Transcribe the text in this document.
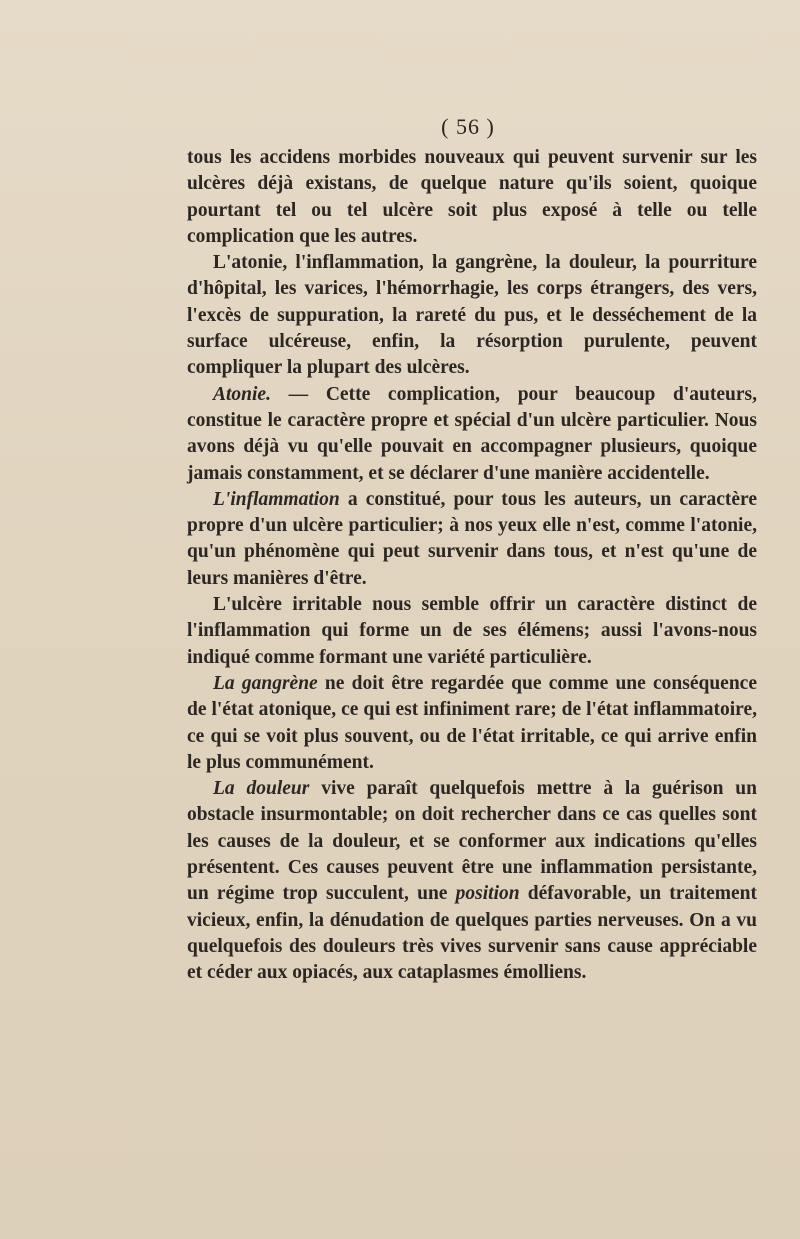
( 56 )

tous les accidens morbides nouveaux qui peuvent survenir sur les ulcères déjà existans, de quelque nature qu'ils soient, quoique pourtant tel ou tel ulcère soit plus exposé à telle ou telle complication que les autres.

L'atonie, l'inflammation, la gangrène, la douleur, la pourriture d'hôpital, les varices, l'hémorrhagie, les corps étrangers, des vers, l'excès de suppuration, la rareté du pus, et le desséchement de la surface ulcéreuse, enfin, la résorption purulente, peuvent compliquer la plupart des ulcères.

Atonie. — Cette complication, pour beaucoup d'auteurs, constitue le caractère propre et spécial d'un ulcère particulier. Nous avons déjà vu qu'elle pouvait en accompagner plusieurs, quoique jamais constamment, et se déclarer d'une manière accidentelle.

L'inflammation a constitué, pour tous les auteurs, un caractère propre d'un ulcère particulier; à nos yeux elle n'est, comme l'atonie, qu'un phénomène qui peut survenir dans tous, et n'est qu'une de leurs manières d'être.

L'ulcère irritable nous semble offrir un caractère distinct de l'inflammation qui forme un de ses élémens; aussi l'avons-nous indiqué comme formant une variété particulière.

La gangrène ne doit être regardée que comme une conséquence de l'état atonique, ce qui est infiniment rare; de l'état inflammatoire, ce qui se voit plus souvent, ou de l'état irritable, ce qui arrive enfin le plus communément.

La douleur vive paraît quelquefois mettre à la guérison un obstacle insurmontable; on doit rechercher dans ce cas quelles sont les causes de la douleur, et se conformer aux indications qu'elles présentent. Ces causes peuvent être une inflammation persistante, un régime trop succulent, une position défavorable, un traitement vicieux, enfin, la dénudation de quelques parties nerveuses. On a vu quelquefois des douleurs très vives survenir sans cause appréciable et céder aux opiacés, aux cataplasmes émolliens.
